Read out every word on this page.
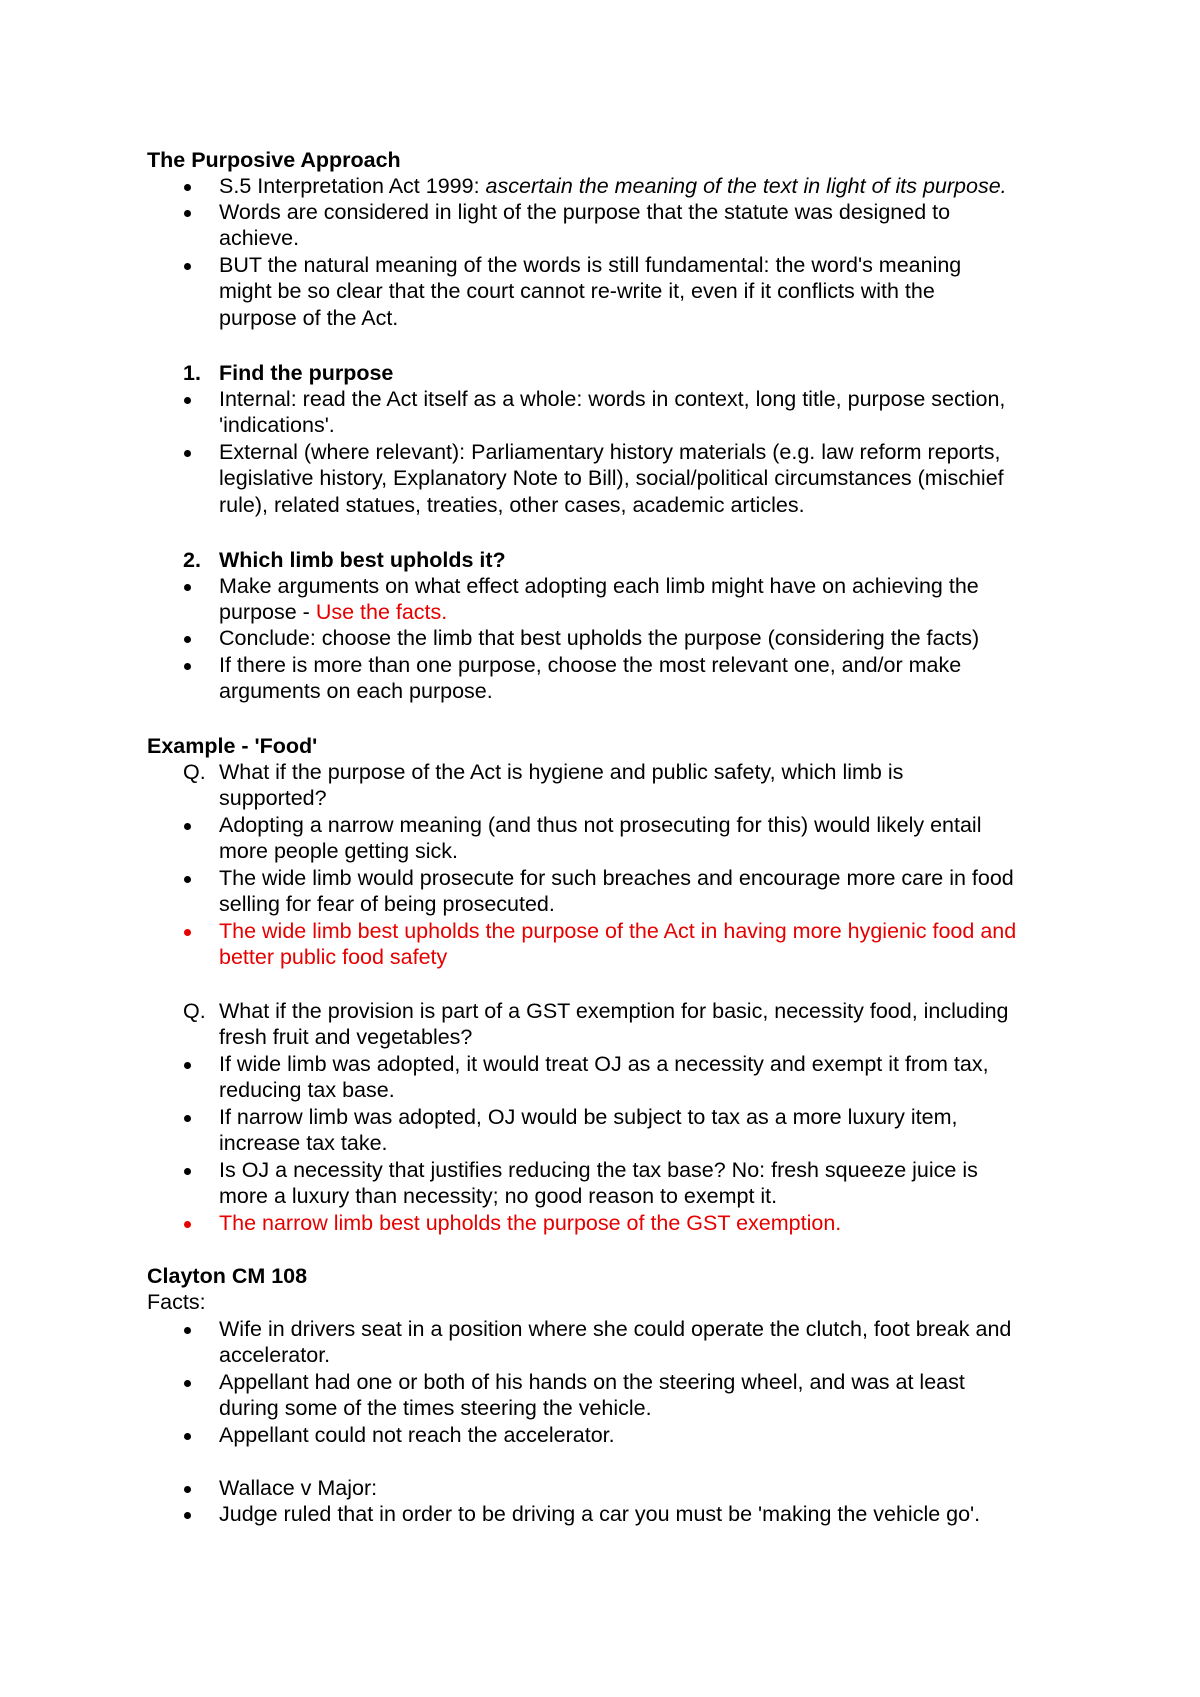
The Purposive Approach
S.5 Interpretation Act 1999: ascertain the meaning of the text in light of its purpose.
Words are considered in light of the purpose that the statute was designed to
achieve.
BUT the natural meaning of the words is still fundamental: the word's meaning
might be so clear that the court cannot re-write it, even if it conflicts with the
purpose of the Act.
1. Find the purpose
Internal: read the Act itself as a whole: words in context, long title, purpose section,
'indications'.
External (where relevant): Parliamentary history materials (e.g. law reform reports,
legislative history, Explanatory Note to Bill), social/political circumstances (mischief
rule), related statues, treaties, other cases, academic articles.
2. Which limb best upholds it?
Make arguments on what effect adopting each limb might have on achieving the
purpose - Use the facts.
Conclude: choose the limb that best upholds the purpose (considering the facts)
If there is more than one purpose, choose the most relevant one, and/or make
arguments on each purpose.
Example - 'Food'
Q. What if the purpose of the Act is hygiene and public safety, which limb is
supported?
Adopting a narrow meaning (and thus not prosecuting for this) would likely entail
more people getting sick.
The wide limb would prosecute for such breaches and encourage more care in food
selling for fear of being prosecuted.
The wide limb best upholds the purpose of the Act in having more hygienic food and
better public food safety
Q. What if the provision is part of a GST exemption for basic, necessity food, including
fresh fruit and vegetables?
If wide limb was adopted, it would treat OJ as a necessity and exempt it from tax,
reducing tax base.
If narrow limb was adopted, OJ would be subject to tax as a more luxury item,
increase tax take.
Is OJ a necessity that justifies reducing the tax base? No: fresh squeeze juice is
more a luxury than necessity; no good reason to exempt it.
The narrow limb best upholds the purpose of the GST exemption.
Clayton CM 108
Facts:
Wife in drivers seat in a position where she could operate the clutch, foot break and
accelerator.
Appellant had one or both of his hands on the steering wheel, and was at least
during some of the times steering the vehicle.
Appellant could not reach the accelerator.
Wallace v Major:
Judge ruled that in order to be driving a car you must be 'making the vehicle go'.
